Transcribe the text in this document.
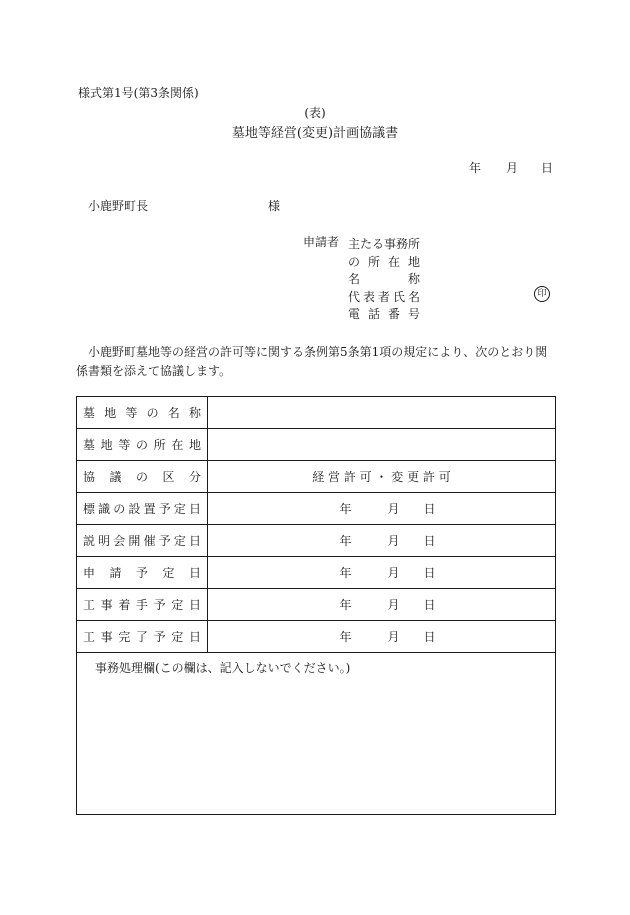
様式第1号(第3条関係)
(表)
墓地等経営(変更)計画協議書
年 月 日
小鹿野町長	様
申請者 主たる事務所
の所在地
名称
代表者氏名
電話番号
印
小鹿野町墓地等の経営の許可等に関する条例第5条第1項の規定により、次のとおり関係書類を添えて協議します。
墓地等の名称	
墓地等の所在地	
協議の区分	経 営 許 可 ・ 変 更 許 可
標識の設置予定日	年 月 日
説明会開催予定日	年 月 日
申請予定日	年 月 日
工事着手予定日	年 月 日
工事完了予定日	年 月 日
事務処理欄(この欄は、記入しないでください。)	
